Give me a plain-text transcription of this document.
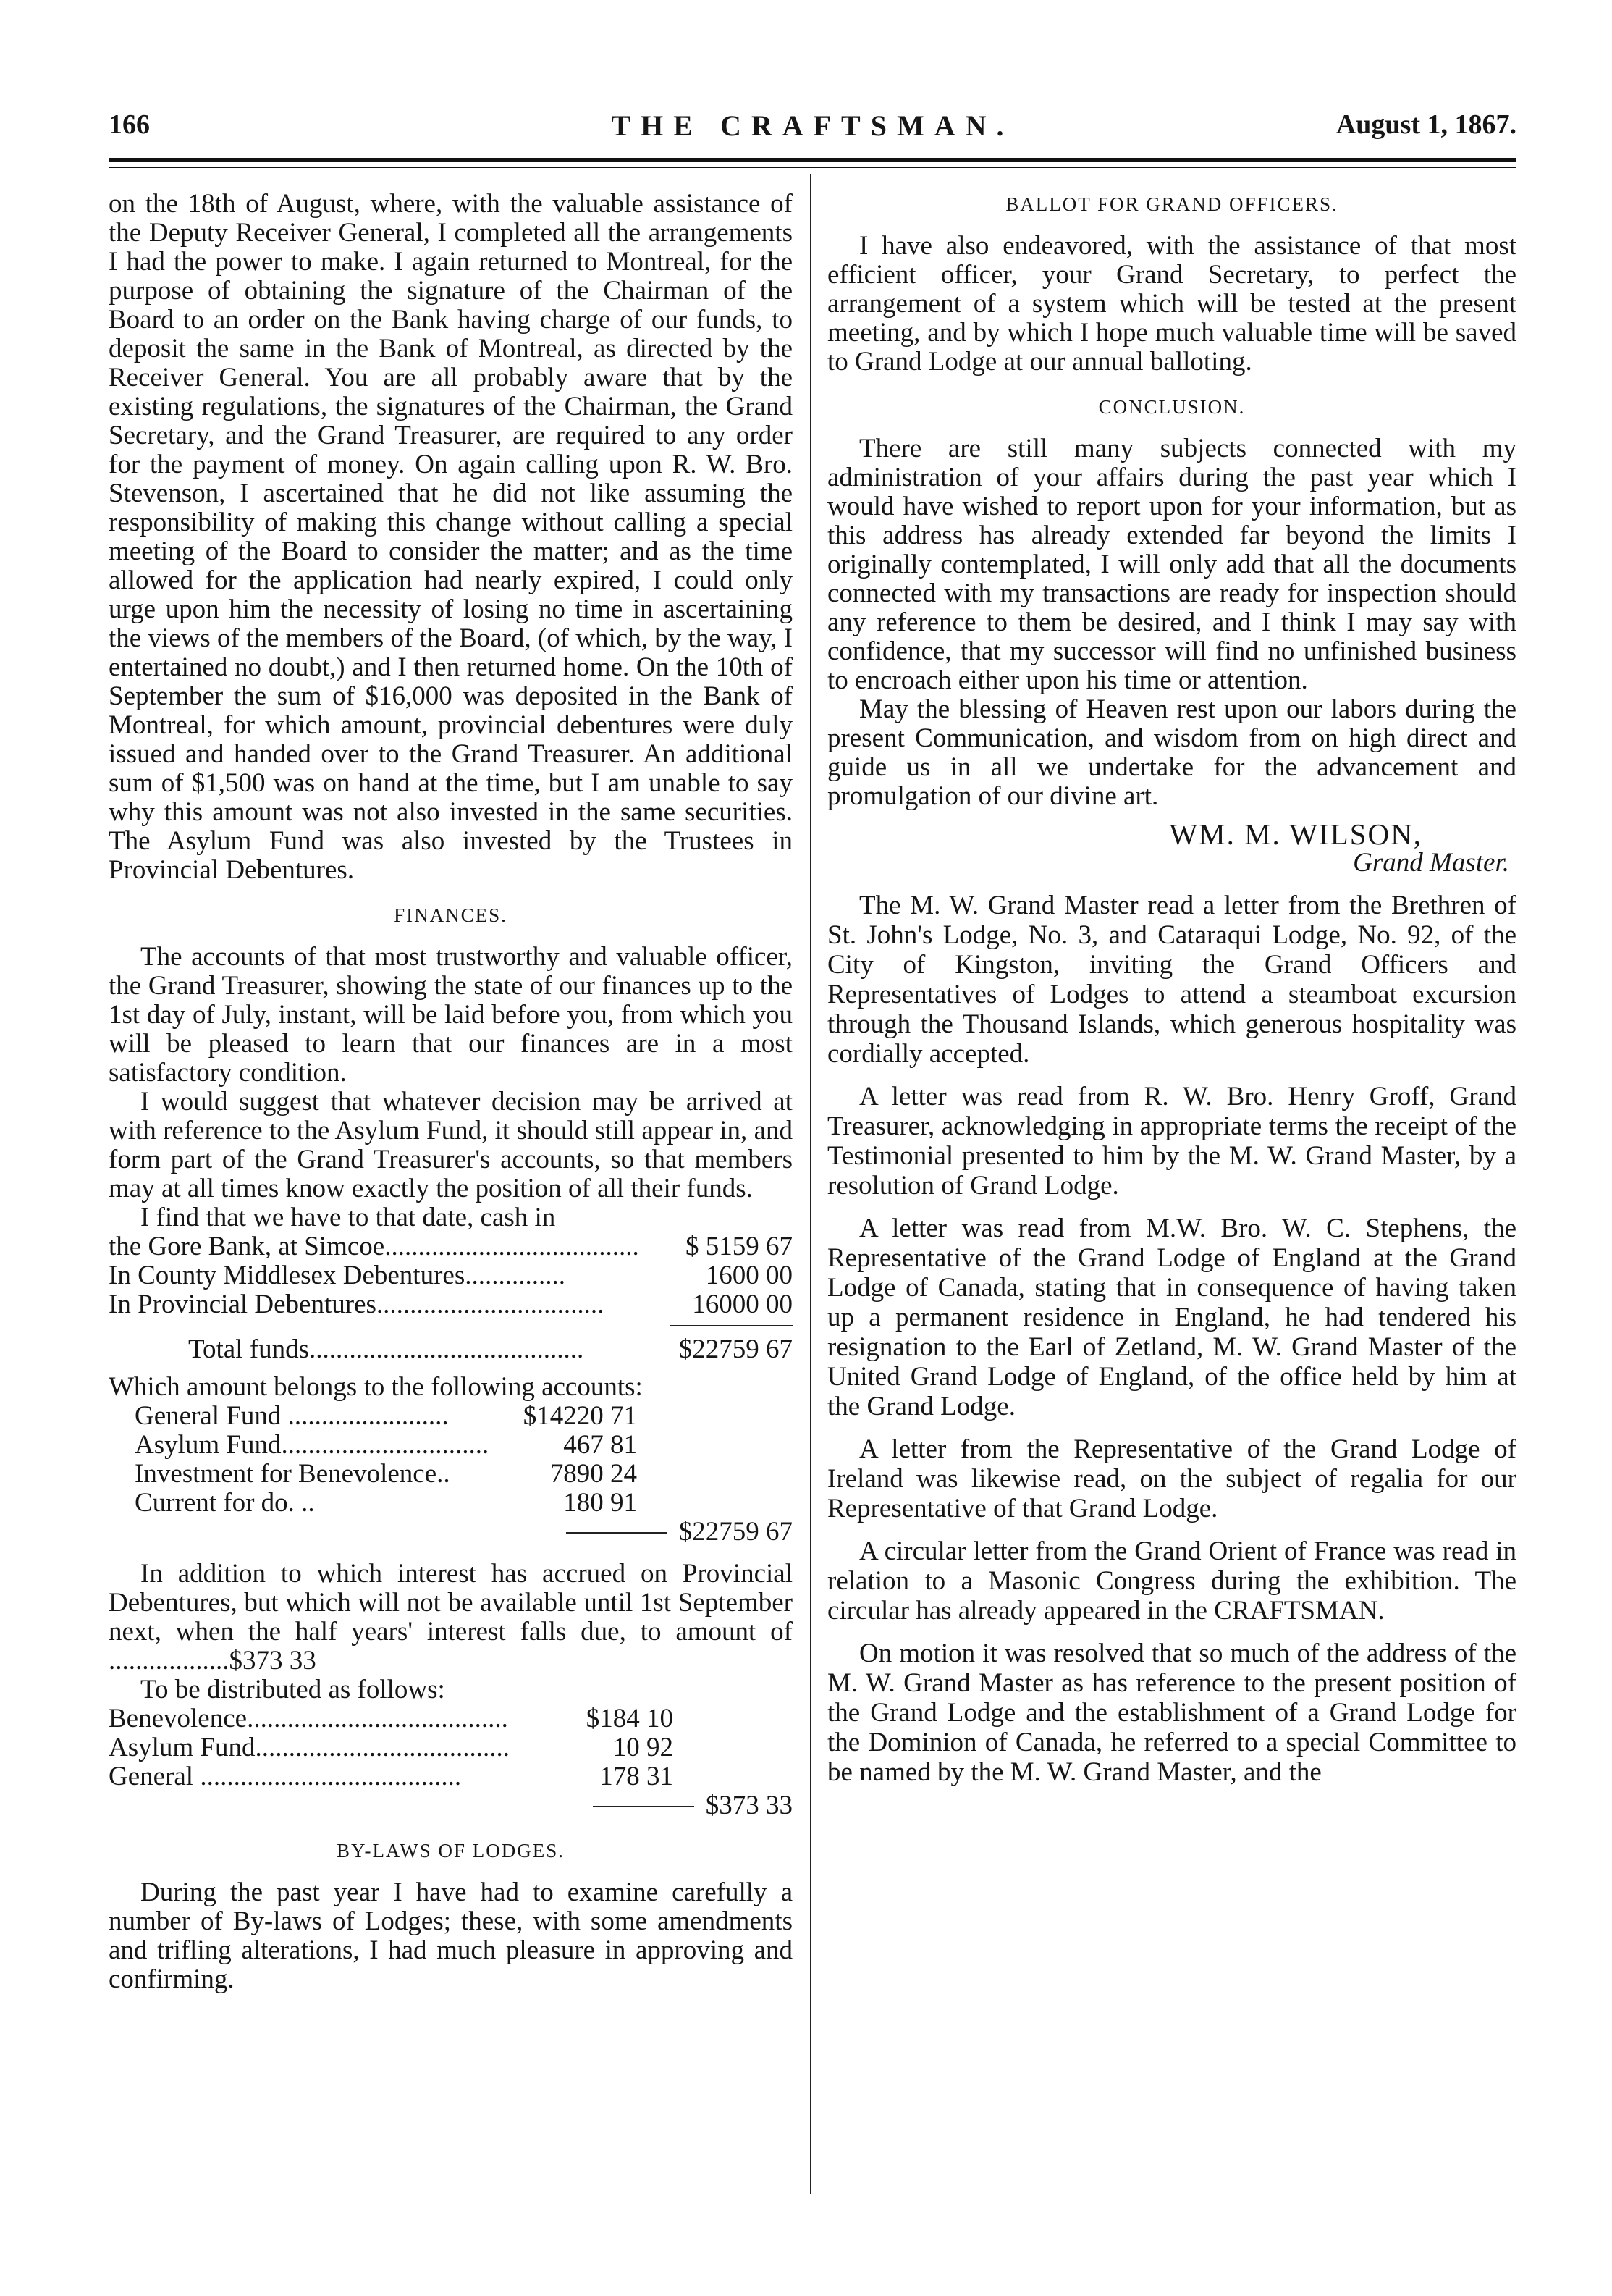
166	THE CRAFTSMAN.	August 1, 1867.

on the 18th of August, where, with the valuable assistance of the Deputy Receiver General, I completed all the arrangements I had the power to make. I again returned to Montreal, for the purpose of obtaining the signature of the Chairman of the Board to an order on the Bank having charge of our funds, to deposit the same in the Bank of Montreal, as directed by the Receiver General. You are all probably aware that by the existing regulations, the signatures of the Chairman, the Grand Secretary, and the Grand Treasurer, are required to any order for the payment of money. On again calling upon R. W. Bro. Stevenson, I ascertained that he did not like assuming the responsibility of making this change without calling a special meeting of the Board to consider the matter; and as the time allowed for the application had nearly expired, I could only urge upon him the necessity of losing no time in ascertaining the views of the members of the Board, (of which, by the way, I entertained no doubt,) and I then returned home. On the 10th of September the sum of $16,000 was deposited in the Bank of Montreal, for which amount, provincial debentures were duly issued and handed over to the Grand Treasurer. An additional sum of $1,500 was on hand at the time, but I am unable to say why this amount was not also invested in the same securities. The Asylum Fund was also invested by the Trustees in Provincial Debentures.

FINANCES.

The accounts of that most trustworthy and valuable officer, the Grand Treasurer, showing the state of our finances up to the 1st day of July, instant, will be laid before you, from which you will be pleased to learn that our finances are in a most satisfactory condition.

I would suggest that whatever decision may be arrived at with reference to the Asylum Fund, it should still appear in, and form part of the Grand Treasurer's accounts, so that members may at all times know exactly the position of all their funds.

I find that we have to that date, cash in

the Gore Bank, at Simcoe......................................	$ 5159 67
In County Middlesex Debentures...............	1600 00
In Provincial Debentures..................................	16000 00
Total funds.........................................	$22759 67

Which amount belongs to the following accounts:

General Fund ........................	$14220 71
Asylum Fund...............................	467 81
Investment for Benevolence..	7890 24
Current for do. ..	180 91
$22759 67

In addition to which interest has accrued on Provincial Debentures, but which will not be available until 1st September next, when the half years' interest falls due, to amount of ..................$373 33

To be distributed as follows:

Benevolence.......................................	$184 10
Asylum Fund......................................	10 92
General .......................................	178 31
$373 33
BY-LAWS OF LODGES.

During the past year I have had to examine carefully a number of By-laws of Lodges; these, with some amendments and trifling alterations, I had much pleasure in approving and confirming.

BALLOT FOR GRAND OFFICERS.

I have also endeavored, with the assistance of that most efficient officer, your Grand Secretary, to perfect the arrangement of a system which will be tested at the present meeting, and by which I hope much valuable time will be saved to Grand Lodge at our annual balloting.

CONCLUSION.

There are still many subjects connected with my administration of your affairs during the past year which I would have wished to report upon for your information, but as this address has already extended far beyond the limits I originally contemplated, I will only add that all the documents connected with my transactions are ready for inspection should any reference to them be desired, and I think I may say with confidence, that my successor will find no unfinished business to encroach either upon his time or attention.

May the blessing of Heaven rest upon our labors during the present Communication, and wisdom from on high direct and guide us in all we undertake for the advancement and promulgation of our divine art.

WM. M. WILSON,
Grand Master.

The M. W. Grand Master read a letter from the Brethren of St. John's Lodge, No. 3, and Cataraqui Lodge, No. 92, of the City of Kingston, inviting the Grand Officers and Representatives of Lodges to attend a steamboat excursion through the Thousand Islands, which generous hospitality was cordially accepted.

A letter was read from R. W. Bro. Henry Groff, Grand Treasurer, acknowledging in appropriate terms the receipt of the Testimonial presented to him by the M. W. Grand Master, by a resolution of Grand Lodge.

A letter was read from M.W. Bro. W. C. Stephens, the Representative of the Grand Lodge of England at the Grand Lodge of Canada, stating that in consequence of having taken up a permanent residence in England, he had tendered his resignation to the Earl of Zetland, M. W. Grand Master of the United Grand Lodge of England, of the office held by him at the Grand Lodge.

A letter from the Representative of the Grand Lodge of Ireland was likewise read, on the subject of regalia for our Representative of that Grand Lodge.

A circular letter from the Grand Orient of France was read in relation to a Masonic Congress during the exhibition. The circular has already appeared in the CRAFTSMAN.

On motion it was resolved that so much of the address of the M. W. Grand Master as has reference to the present position of the Grand Lodge and the establishment of a Grand Lodge for the Dominion of Canada, he referred to a special Committee to be named by the M. W. Grand Master, and the
